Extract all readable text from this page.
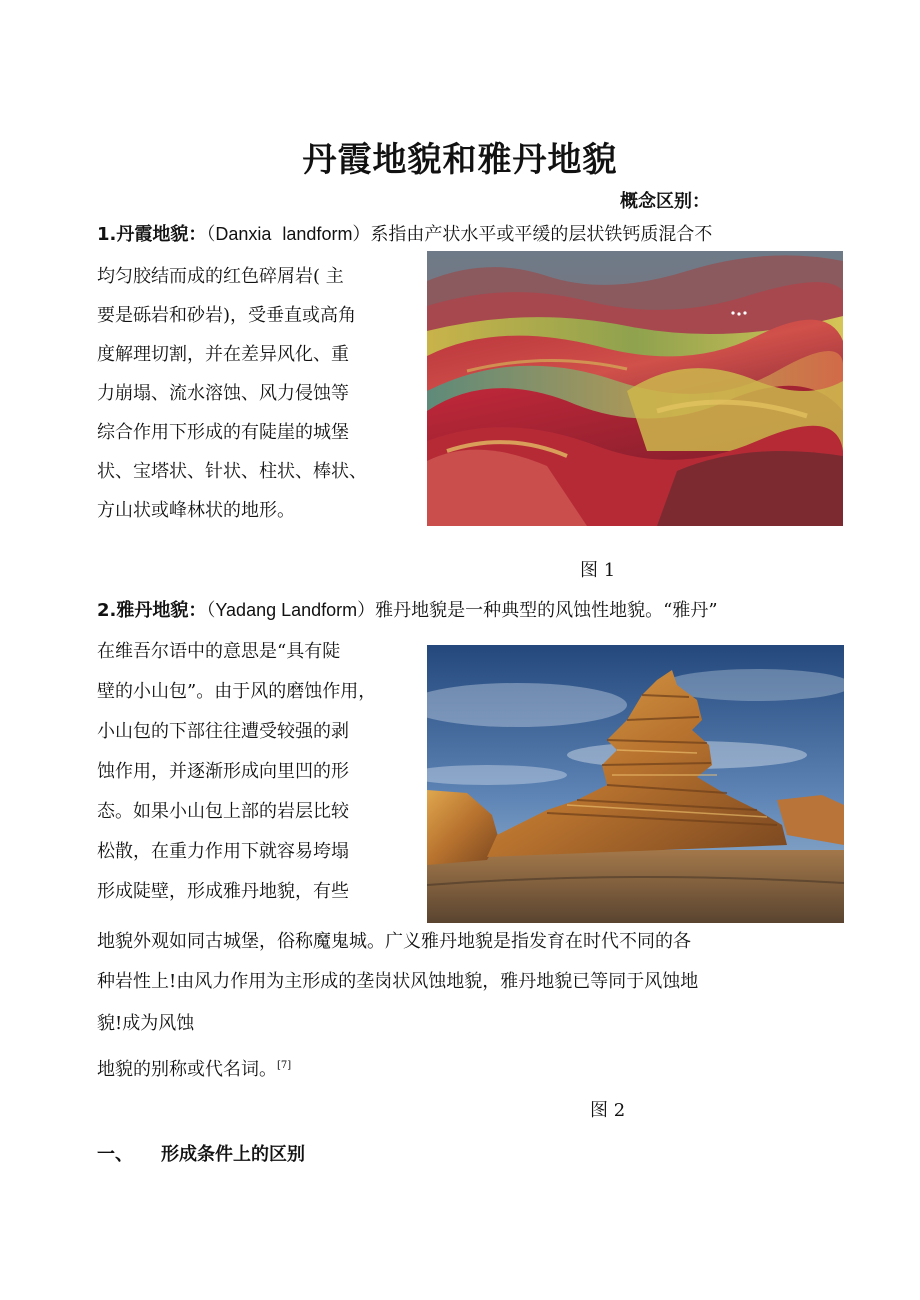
丹霞地貌和雅丹地貌
概念区别：
1.丹霞地貌：（Danxia landform）系指由产状水平或平缓的层状铁钙质混合不
均匀胶结而成的红色碎屑岩( 主
要是砾岩和砂岩)，受垂直或高角
度解理切割，并在差异风化、重
力崩塌、流水溶蚀、风力侵蚀等
综合作用下形成的有陡崖的城堡
状、宝塔状、针状、柱状、棒状、
方山状或峰林状的地形。
图 1
2.雅丹地貌：（Yadang Landform）雅丹地貌是一种典型的风蚀性地貌。“雅丹”
在维吾尔语中的意思是“具有陡
壁的小山包”。由于风的磨蚀作用，
小山包的下部往往遭受较强的剥
蚀作用，并逐渐形成向里凹的形
态。如果小山包上部的岩层比较
松散，在重力作用下就容易垮塌
形成陡壁，形成雅丹地貌，有些
地貌外观如同古城堡，俗称魔鬼城。广义雅丹地貌是指发育在时代不同的各
种岩性上!由风力作用为主形成的垄岗状风蚀地貌，雅丹地貌已等同于风蚀地
貌!成为风蚀
地貌的别称或代名词。[7]
图 2
一、 形成条件上的区别
